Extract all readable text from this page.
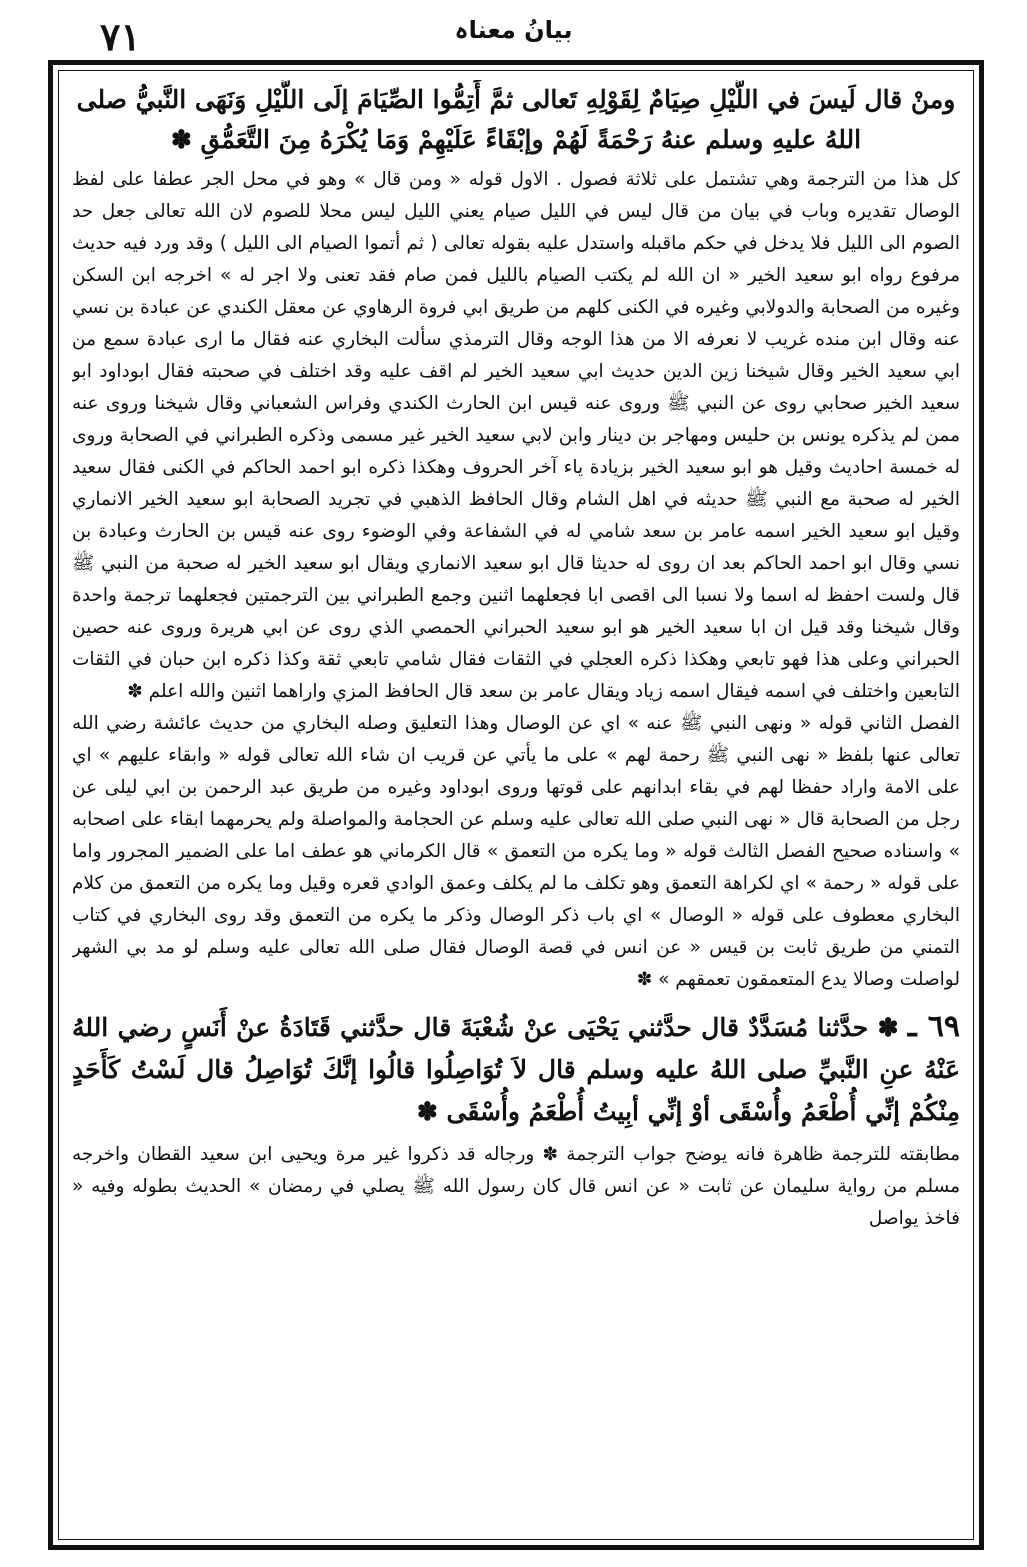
٧١	بیانُ معناہ
ومنْ قال لَيسَ في اللَّيْلِ صِيَامٌ لِقَوْلِهِ تَعالى ثمَّ أَتِمُّوا الصِّيَامَ إلَى اللَّيْلِ وَنَهَى النَّبيُّ صلى اللهُ عليهِ وسلم عنهُ رَحْمَةً لَهُمْ وإبْقَاءً عَلَيْهِمْ وَمَا يُكْرَهُ مِنَ التَّعَمُّقِ ✽

كل هذا من الترجمة وهي تشتمل على ثلاثة فصول . الاول قوله « ومن قال » وهو في محل الجر عطفا على لفظ الوصال تقديره وباب في بيان من قال ليس في الليل صيام يعني الليل ليس محلا للصوم لان الله تعالى جعل حد الصوم الى الليل فلا يدخل في حكم ماقبله واستدل عليه بقوله تعالى ( ثم أتموا الصيام الى الليل ) وقد ورد فيه حديث مرفوع رواه ابو سعيد الخير « ان الله لم يكتب الصيام بالليل فمن صام فقد تعنى ولا اجر له » اخرجه ابن السكن وغيره من الصحابة والدولابي وغيره في الكنى كلهم من طريق ابي فروة الرهاوي عن معقل الكندي عن عبادة بن نسي عنه وقال ابن منده غريب لا نعرفه الا من هذا الوجه وقال الترمذي سألت البخاري عنه فقال ما ارى عبادة سمع من ابي سعيد الخير وقال شيخنا زين الدين حديث ابي سعيد الخير لم اقف عليه وقد اختلف في صحبته فقال ابوداود ابو سعيد الخير صحابي روى عن النبي ﷺ وروى عنه قيس ابن الحارث الكندي وفراس الشعباني وقال شيخنا وروى عنه ممن لم يذكره يونس بن حليس ومهاجر بن دينار وابن لابي سعيد الخير غير مسمى وذكره الطبراني في الصحابة وروى له خمسة احاديث وقيل هو ابو سعيد الخير بزيادة ياء آخر الحروف وهكذا ذكره ابو احمد الحاكم في الكنى فقال سعيد الخير له صحبة مع النبي ﷺ حديثه في اهل الشام وقال الحافظ الذهبي في تجريد الصحابة ابو سعيد الخير الانماري وقيل ابو سعيد الخير اسمه عامر بن سعد شامي له في الشفاعة وفي الوضوء روى عنه قيس بن الحارث وعبادة بن نسي وقال ابو احمد الحاكم بعد ان روى له حديثا قال ابو سعيد الانماري ويقال ابو سعيد الخير له صحبة من النبي ﷺ قال ولست احفظ له اسما ولا نسبا الى اقصى ابا فجعلهما اثنين وجمع الطبراني بين الترجمتين فجعلهما ترجمة واحدة وقال شيخنا وقد قيل ان ابا سعيد الخير هو ابو سعيد الحبراني الحمصي الذي روى عن ابي هريرة وروى عنه حصين الحبراني وعلى هذا فهو تابعي وهكذا ذكره العجلي في الثقات فقال شامي تابعي ثقة وكذا ذكره ابن حبان في الثقات التابعين واختلف في اسمه فيقال اسمه زياد ويقال عامر بن سعد قال الحافظ المزي واراهما اثنين والله اعلم ✽

الفصل الثاني قوله « ونهى النبي ﷺ عنه » اي عن الوصال وهذا التعليق وصله البخاري من حديث عائشة رضي الله تعالى عنها بلفظ « نهى النبي ﷺ رحمة لهم » على ما يأتي عن قريب ان شاء الله تعالى قوله « وابقاء عليهم » اي على الامة واراد حفظا لهم في بقاء ابدانهم على قوتها وروى ابوداود وغيره من طريق عبد الرحمن بن ابي ليلى عن رجل من الصحابة قال « نهى النبي صلى الله تعالى عليه وسلم عن الحجامة والمواصلة ولم يحرمهما ابقاء على اصحابه » واسناده صحيح الفصل الثالث قوله « وما يكره من التعمق » قال الكرماني هو عطف اما على الضمير المجرور واما على قوله « رحمة » اي لكراهة التعمق وهو تكلف ما لم يكلف وعمق الوادي قعره وقيل وما يكره من التعمق من كلام البخاري معطوف على قوله « الوصال » اي باب ذكر الوصال وذكر ما يكره من التعمق وقد روى البخاري في كتاب التمني من طريق ثابت بن قيس « عن انس في قصة الوصال فقال صلى الله تعالى عليه وسلم لو مد بي الشهر لواصلت وصالا يدع المتعمقون تعمقهم » ✽

٦٩ ـ ✽ حدَّثنا مُسَدَّدٌ قال حدَّثني يَحْيَى عنْ شُعْبَةَ قال حدَّثني قَتَادَةُ عنْ أَنَسٍ رضي اللهُ عَنْهُ عنِ النَّبيِّ صلى اللهُ عليه وسلم قال لاَ تُوَاصِلُوا قالُوا إنَّكَ تُوَاصِلُ قال لَسْتُ كَأَحَدٍ مِنْكُمْ إنِّي أُطْعَمُ وأُسْقَى أوْ إنِّي أبِيتُ أُطْعَمُ وأُسْقَى ✽

مطابقته للترجمة ظاهرة فانه يوضح جواب الترجمة ✽ ورجاله قد ذكروا غير مرة ويحيى ابن سعيد القطان واخرجه مسلم من رواية سليمان عن ثابت « عن انس قال كان رسول الله ﷺ يصلي في رمضان » الحديث بطوله وفيه « فاخذ يواصل
